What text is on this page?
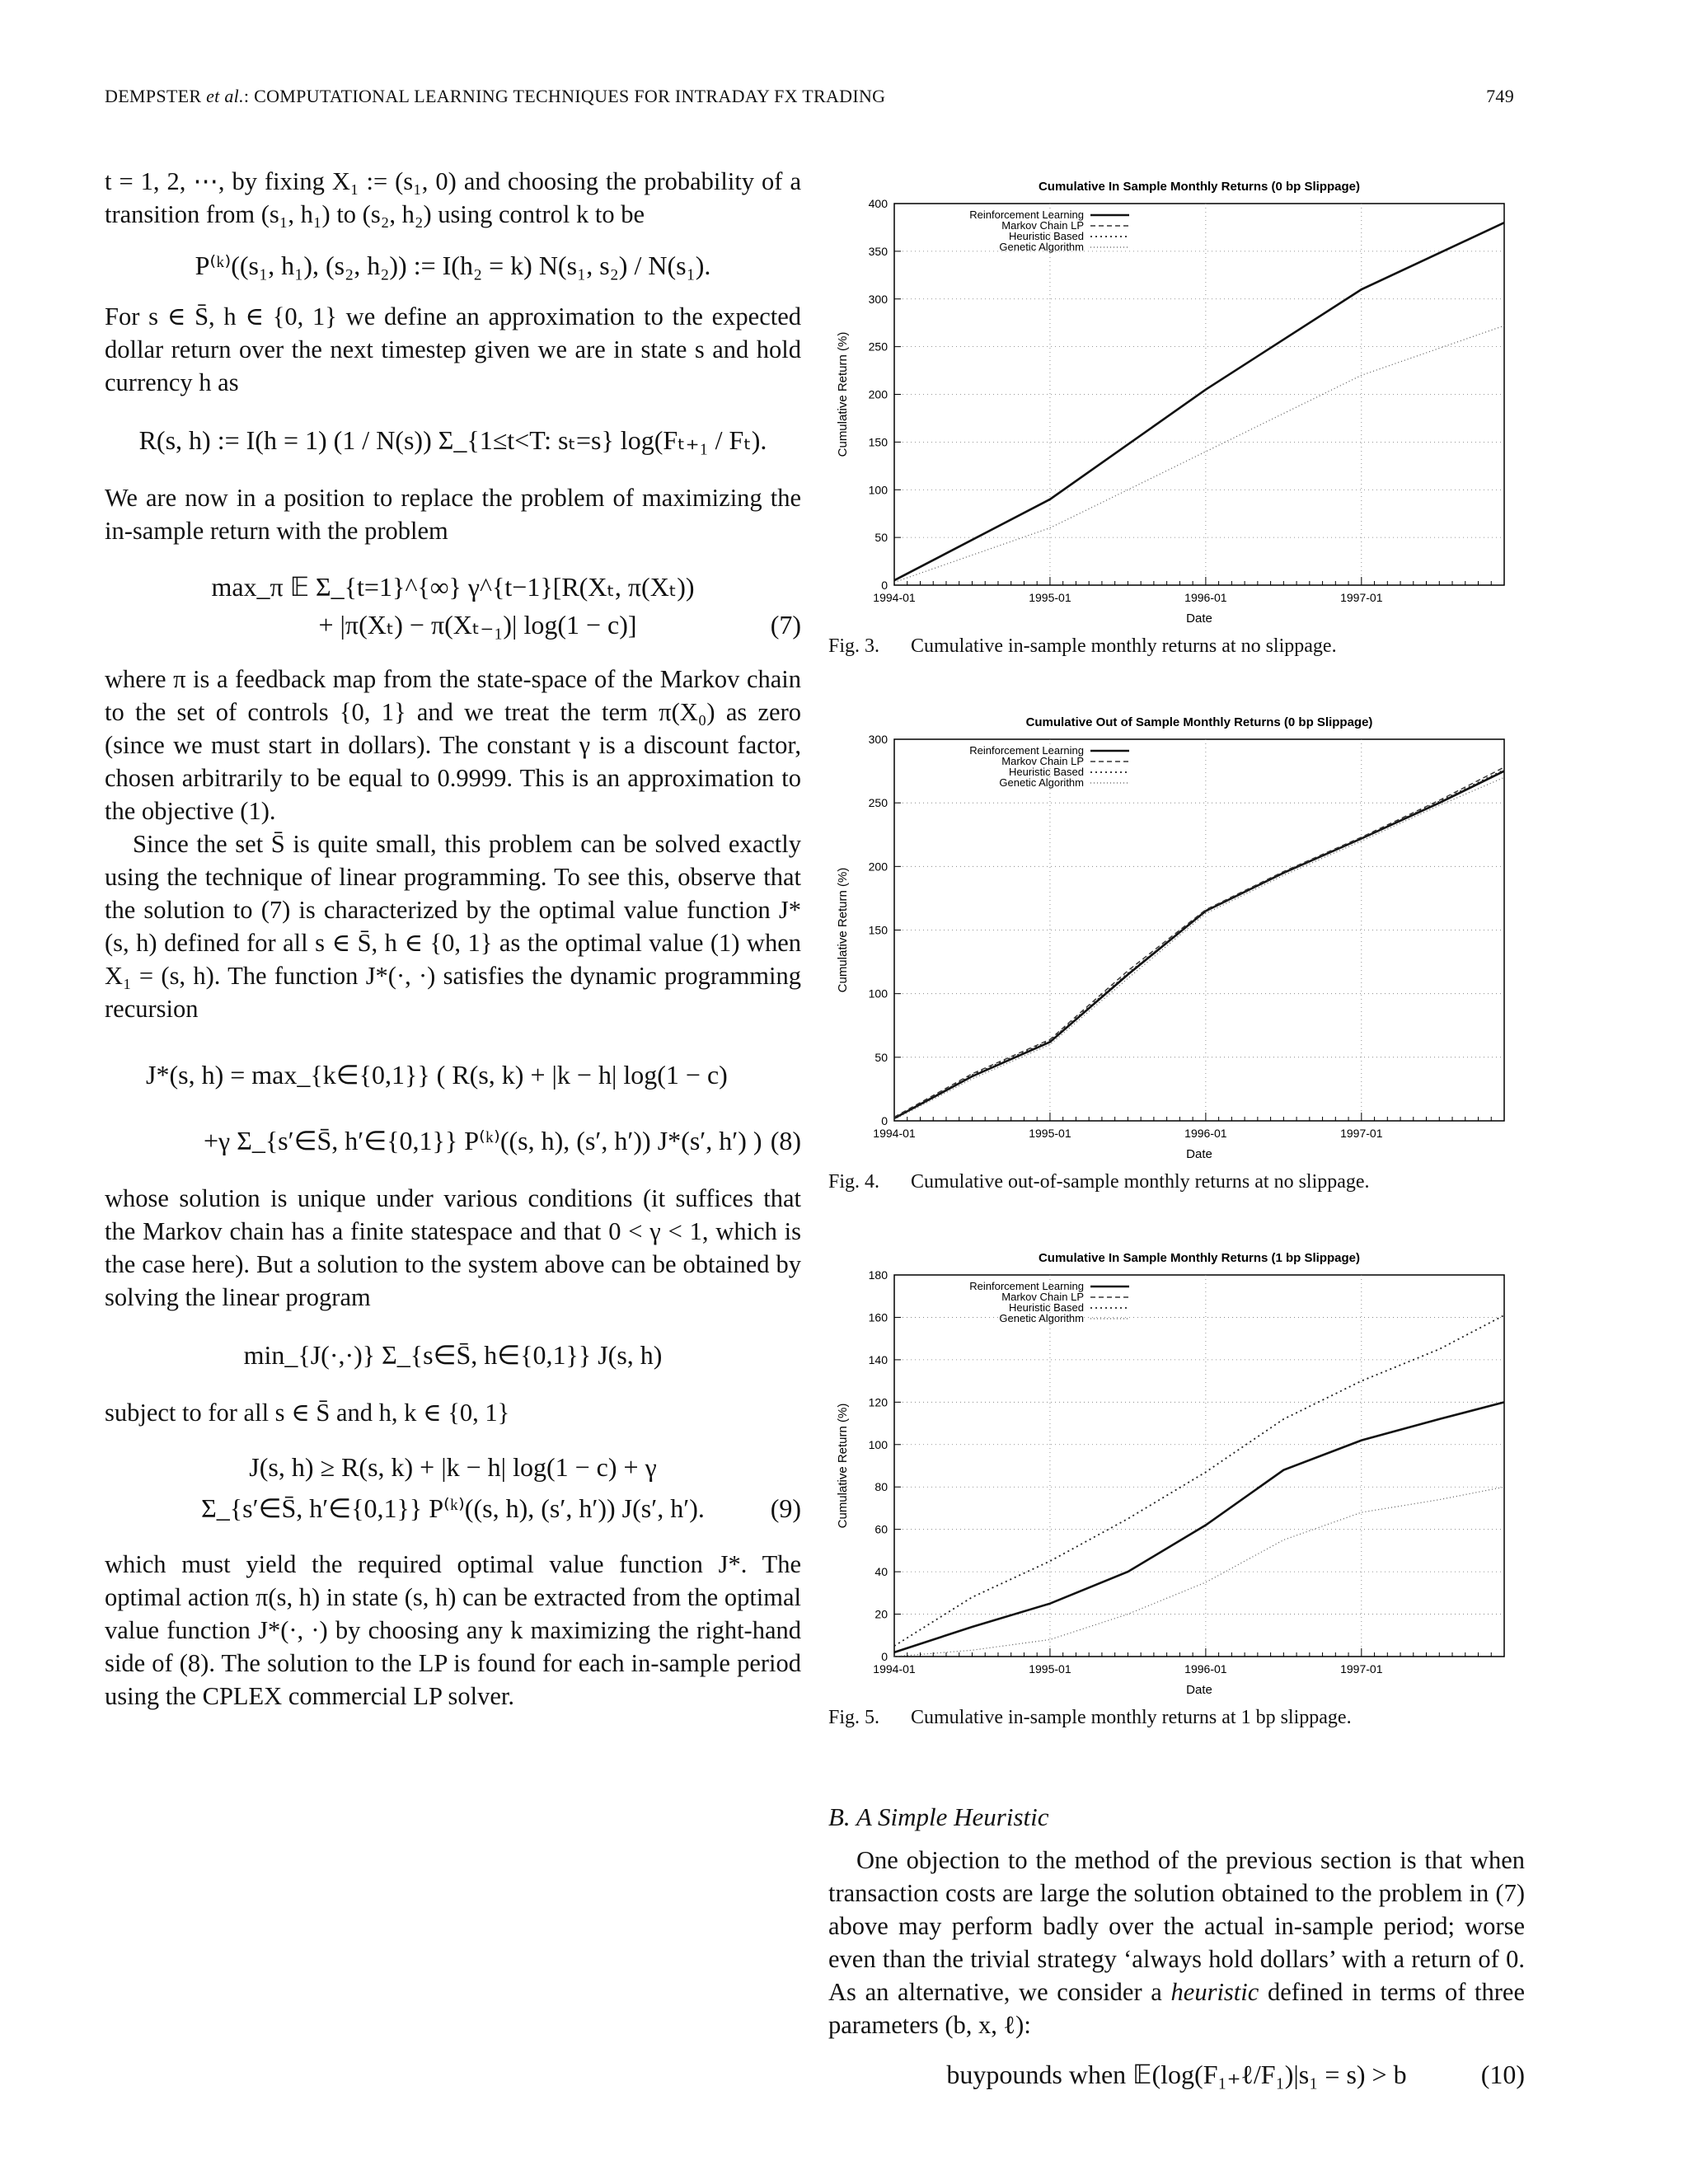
DEMPSTER et al.: COMPUTATIONAL LEARNING TECHNIQUES FOR INTRADAY FX TRADING	749

t = 1, 2, ⋯, by fixing X₁ := (s₁, 0) and choosing the probability of a transition from (s₁, h₁) to (s₂, h₂) using control k to be

P⁽ᵏ⁾((s₁, h₁), (s₂, h₂)) := I(h₂ = k) N(s₁, s₂) / N(s₁).

For s ∈ S̄, h ∈ {0, 1} we define an approximation to the expected dollar return over the next timestep given we are in state s and hold currency h as

R(s, h) := I(h = 1) (1 / N(s)) Σ_{1≤t<T: sₜ=s} log(Fₜ₊₁ / Fₜ).

We are now in a position to replace the problem of maximizing the in-sample return with the problem

max_π 𝔼 Σ_{t=1}^{∞} γ^{t−1}[R(Xₜ, π(Xₜ))
+ |π(Xₜ) − π(Xₜ₋₁)| log(1 − c)]	(7)

where π is a feedback map from the state-space of the Markov chain to the set of controls {0, 1} and we treat the term π(X₀) as zero (since we must start in dollars). The constant γ is a discount factor, chosen arbitrarily to be equal to 0.9999. This is an approximation to the objective (1).

Since the set S̄ is quite small, this problem can be solved exactly using the technique of linear programming. To see this, observe that the solution to (7) is characterized by the optimal value function J*(s, h) defined for all s ∈ S̄, h ∈ {0, 1} as the optimal value (1) when X₁ = (s, h). The function J*(·, ·) satisfies the dynamic programming recursion

J*(s, h) = max_{k∈{0,1}} ( R(s, k) + |k − h| log(1 − c)
+γ Σ_{s′∈S̄, h′∈{0,1}} P⁽ᵏ⁾((s, h), (s′, h′)) J*(s′, h′) ) (8)

whose solution is unique under various conditions (it suffices that the Markov chain has a finite statespace and that 0 < γ < 1, which is the case here). But a solution to the system above can be obtained by solving the linear program

min_{J(·,·)} Σ_{s∈S̄, h∈{0,1}} J(s, h)

subject to for all s ∈ S̄ and h, k ∈ {0, 1}

J(s, h) ≥ R(s, k) + |k − h| log(1 − c) + γ
Σ_{s′∈S̄, h′∈{0,1}} P⁽ᵏ⁾((s, h), (s′, h′)) J(s′, h′). (9)

which must yield the required optimal value function J*. The optimal action π(s, h) in state (s, h) can be extracted from the optimal value function J*(·, ·) by choosing any k maximizing the right-hand side of (8). The solution to the LP is found for each in-sample period using the CPLEX commercial LP solver.

Cumulative In Sample Monthly Returns (0 bp Slippage)
0
50
100
150
200
250
300
350
400
1994-01	1995-01	1996-01	1997-01
Date
Cumulative Return (%)
Reinforcement Learning
Markov Chain LP
Heuristic Based
Genetic Algorithm
Fig. 3. Cumulative in-sample monthly returns at no slippage.
Cumulative Out of Sample Monthly Returns (0 bp Slippage)
0
50
100
150
200
250
300
1994-01	1995-01	1996-01	1997-01
Date
Cumulative Return (%)
Reinforcement Learning
Markov Chain LP
Heuristic Based
Genetic Algorithm
Fig. 4. Cumulative out-of-sample monthly returns at no slippage.
Cumulative In Sample Monthly Returns (1 bp Slippage)
0
20
40
60
80
100
120
140
160
180
1994-01	1995-01	1996-01	1997-01
Date
Cumulative Return (%)
Reinforcement Learning
Markov Chain LP
Heuristic Based
Genetic Algorithm
Fig. 5. Cumulative in-sample monthly returns at 1 bp slippage.

B. A Simple Heuristic

One objection to the method of the previous section is that when transaction costs are large the solution obtained to the problem in (7) above may perform badly over the actual in-sample period; worse even than the trivial strategy ‘always hold dollars’ with a return of 0. As an alternative, we consider a heuristic defined in terms of three parameters (b, x, ℓ):

buypounds when 𝔼(log(F₁₊ℓ/F₁)|s₁ = s) > b	(10)
